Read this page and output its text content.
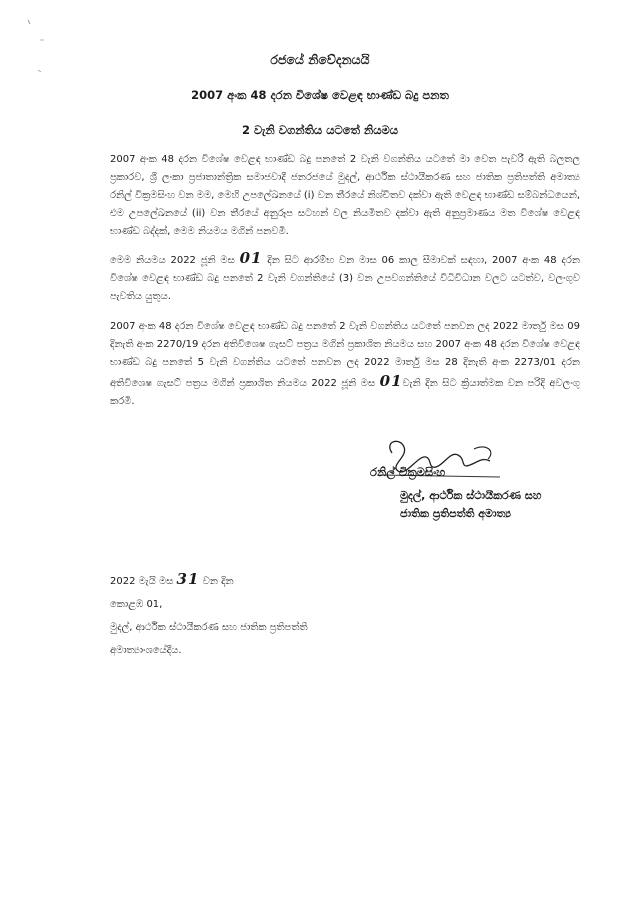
රජයේ නිවේදනයයි
2007 අංක 48 දරන විශේෂ වෙළඳ භාණ්ඩ බදු පනත
2 වැනි වගන්තිය යටතේ නියමය
2007 අංක 48 දරන විශේෂ වෙළඳ භාණ්ඩ බදු පනතේ 2 වැනි වගන්තිය යටතේ මා වෙත පැවරී ඇති බලතල ප්‍රකාරව, ශ්‍රී ලංකා ප්‍රජාතාන්ත්‍රික සමාජවාදී ජනරජයේ මුදල්, ආර්ථික ස්ථායීකරණ සහ ජාතික ප්‍රතිපත්ති අමාත්‍ය රනිල් වික්‍රමසිංහ වන මම, මෙහි උපලේඛනයේ (i) වන තීරයේ නිශ්චිතව දක්වා ඇති වෙළඳ භාණ්ඩ සම්බන්ධයෙන්, එම උපලේඛනයේ (ii) වන තීරයේ අනුරූප සටහන් වල නියමිතව දක්වා ඇති අනුප්‍රමාණය මත විශේෂ වෙළඳ භාණ්ඩ බද්දක්, මෙම නියමය මගින් පනවමි.
මෙම නියමය 2022 ජූනි මස 01 දින සිට ආරම්භ වන මාස 06 කාල සීමාවක් සඳහා, 2007 අංක 48 දරන විශේෂ වෙළඳ භාණ්ඩ බදු පනතේ 2 වැනි වගන්තියේ (3) වන උපවගන්තියේ විධිවිධාන වලට යටත්ව, වලංගුව පැවතිය යුතුය.
2007 අංක 48 දරන විශේෂ වෙළඳ භාණ්ඩ බදු පනතේ 2 වැනි වගන්තිය යටතේ පනවන ලද 2022 මාර්තු මස 09 දිනැති අංක 2270/19 දරන අතිවිශෙෂ ගැසට් පත්‍රය මගින් ප්‍රකාශිත නියමය සහ 2007 අංක 48 දරන විශේෂ වෙළඳ භාණ්ඩ බදු පනතේ 5 වැනි වගන්තිය යටතේ පනවන ලද 2022 මාර්තු මස 28 දිනැති අංක 2273/01 දරන අතිවිශෙෂ ගැසට් පත්‍රය මගින් ප්‍රකාශිත නියමය 2022 ජූනි මස 01වැනි දින සිට ක්‍රියාත්මක වන පරිදි අවලංගු කරමි.
රනිල් වික්‍රමසිංහ
මුදල්, ආර්ථික ස්ථායීකරණ සහ
ජාතික ප්‍රතිපත්ති අමාත්‍ය
2022 මැයි මස 31 වන දින
කොළඹ 01,
මුදල්, ආර්ථික ස්ථායීකරණ සහ ජාතික ප්‍රතිපත්ති
අමාත්‍යාංශයේදීය.
